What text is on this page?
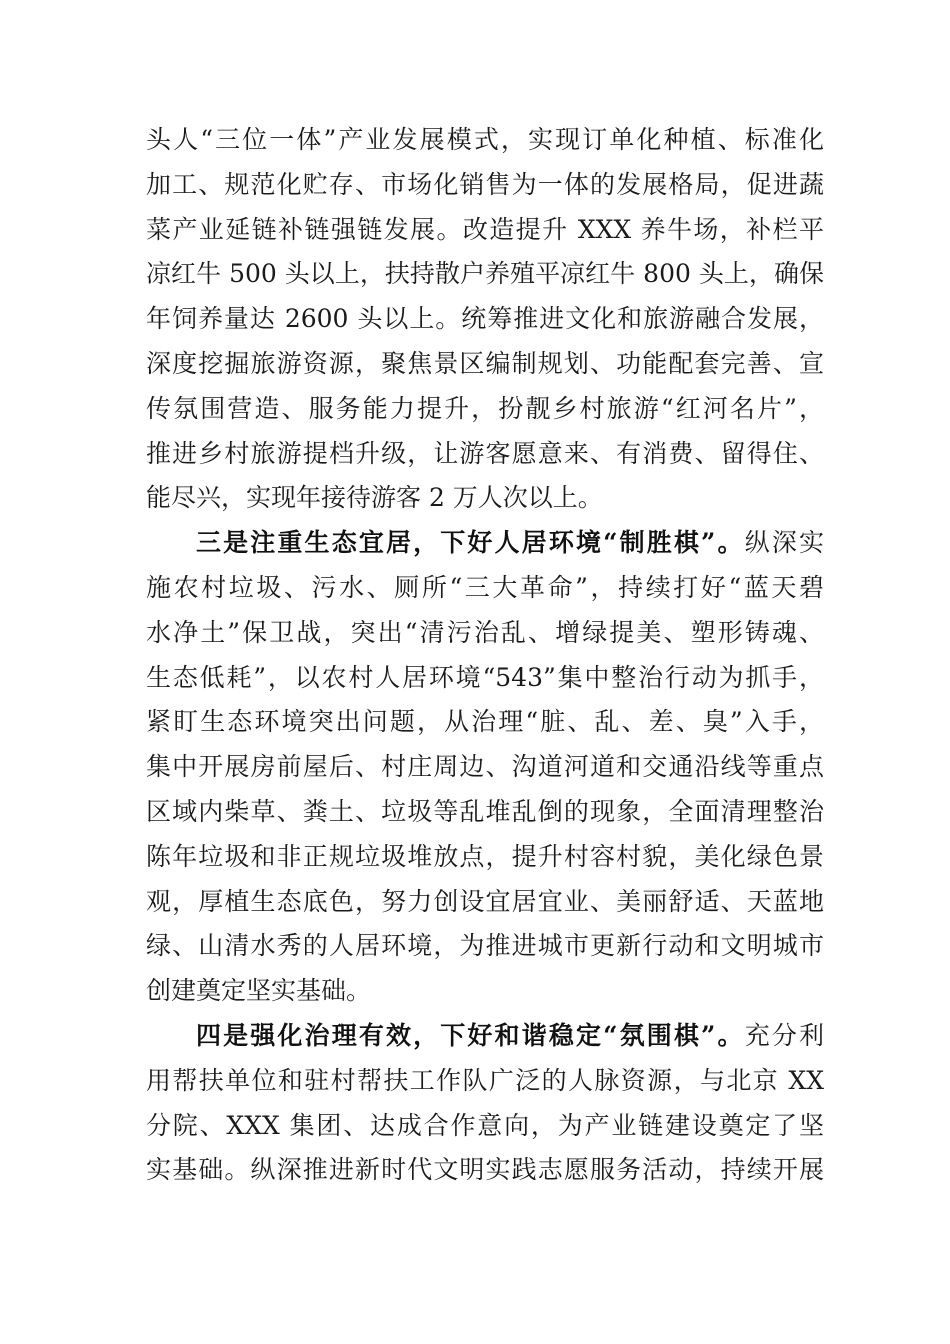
头人“三位一体”产业发展模式，实现订单化种植、标准化
加工、规范化贮存、市场化销售为一体的发展格局，促进蔬
菜产业延链补链强链发展。改造提升 XXX 养牛场，补栏平
凉红牛 500 头以上，扶持散户养殖平凉红牛 800 头上，确保
年饲养量达 2600 头以上。统筹推进文化和旅游融合发展，
深度挖掘旅游资源，聚焦景区编制规划、功能配套完善、宣
传氛围营造、服务能力提升，扮靓乡村旅游“红河名片”，
推进乡村旅游提档升级，让游客愿意来、有消费、留得住、
能尽兴，实现年接待游客 2 万人次以上。
三是注重生态宜居，下好人居环境“制胜棋”。纵深实
施农村垃圾、污水、厕所“三大革命”，持续打好“蓝天碧
水净土”保卫战，突出“清污治乱、增绿提美、塑形铸魂、
生态低耗”，以农村人居环境“543”集中整治行动为抓手，
紧盯生态环境突出问题，从治理“脏、乱、差、臭”入手，
集中开展房前屋后、村庄周边、沟道河道和交通沿线等重点
区域内柴草、粪土、垃圾等乱堆乱倒的现象，全面清理整治
陈年垃圾和非正规垃圾堆放点，提升村容村貌，美化绿色景
观，厚植生态底色，努力创设宜居宜业、美丽舒适、天蓝地
绿、山清水秀的人居环境，为推进城市更新行动和文明城市
创建奠定坚实基础。
四是强化治理有效，下好和谐稳定“氛围棋”。充分利
用帮扶单位和驻村帮扶工作队广泛的人脉资源，与北京 XX
分院、XXX 集团、达成合作意向，为产业链建设奠定了坚
实基础。纵深推进新时代文明实践志愿服务活动，持续开展
